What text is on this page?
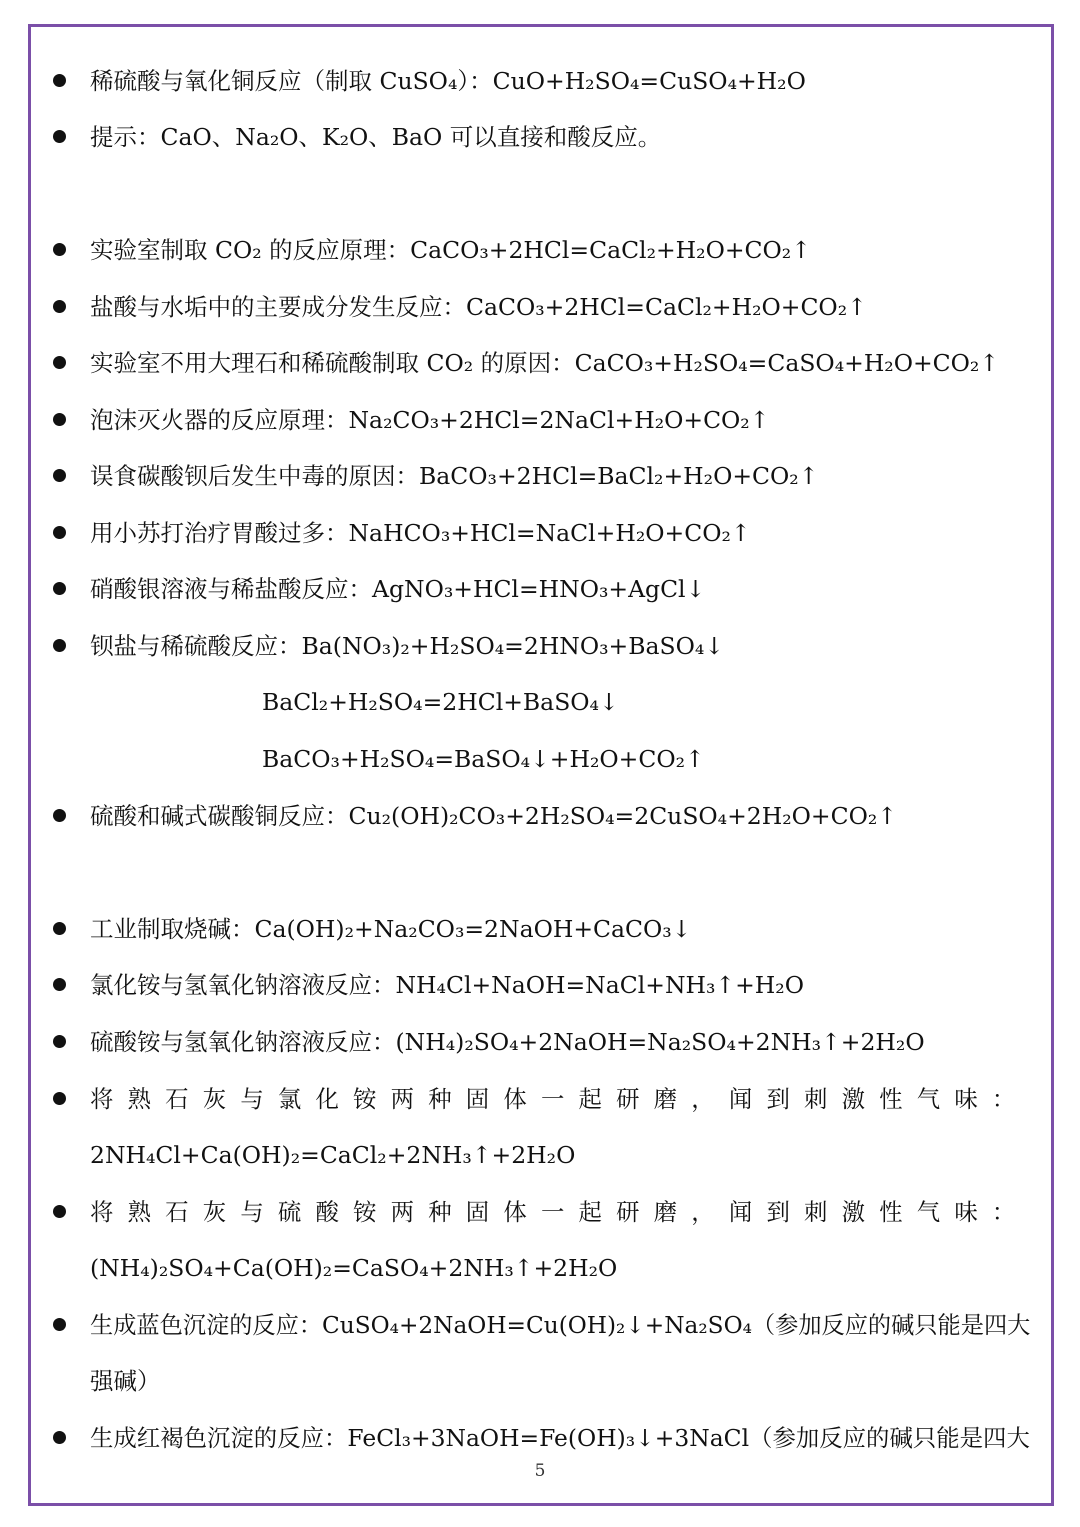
稀硫酸与氧化铜反应（制取 CuSO₄）：CuO+H₂SO₄=CuSO₄+H₂O
提示：CaO、Na₂O、K₂O、BaO 可以直接和酸反应。
实验室制取 CO₂ 的反应原理：CaCO₃+2HCl=CaCl₂+H₂O+CO₂↑
盐酸与水垢中的主要成分发生反应：CaCO₃+2HCl=CaCl₂+H₂O+CO₂↑
实验室不用大理石和稀硫酸制取 CO₂ 的原因：CaCO₃+H₂SO₄=CaSO₄+H₂O+CO₂↑
泡沫灭火器的反应原理：Na₂CO₃+2HCl=2NaCl+H₂O+CO₂↑
误食碳酸钡后发生中毒的原因：BaCO₃+2HCl=BaCl₂+H₂O+CO₂↑
用小苏打治疗胃酸过多：NaHCO₃+HCl=NaCl+H₂O+CO₂↑
硝酸银溶液与稀盐酸反应：AgNO₃+HCl=HNO₃+AgCl↓
钡盐与稀硫酸反应：Ba(NO₃)₂+H₂SO₄=2HNO₃+BaSO₄↓
BaCl₂+H₂SO₄=2HCl+BaSO₄↓
BaCO₃+H₂SO₄=BaSO₄↓+H₂O+CO₂↑
硫酸和碱式碳酸铜反应：Cu₂(OH)₂CO₃+2H₂SO₄=2CuSO₄+2H₂O+CO₂↑
工业制取烧碱：Ca(OH)₂+Na₂CO₃=2NaOH+CaCO₃↓
氯化铵与氢氧化钠溶液反应：NH₄Cl+NaOH=NaCl+NH₃↑+H₂O
硫酸铵与氢氧化钠溶液反应：(NH₄)₂SO₄+2NaOH=Na₂SO₄+2NH₃↑+2H₂O
将熟石灰与氯化铵两种固体一起研磨，闻到刺激性气味：
2NH₄Cl+Ca(OH)₂=CaCl₂+2NH₃↑+2H₂O
将熟石灰与硫酸铵两种固体一起研磨，闻到刺激性气味：
(NH₄)₂SO₄+Ca(OH)₂=CaSO₄+2NH₃↑+2H₂O
生成蓝色沉淀的反应：CuSO₄+2NaOH=Cu(OH)₂↓+Na₂SO₄（参加反应的碱只能是四大
强碱）
生成红褐色沉淀的反应：FeCl₃+3NaOH=Fe(OH)₃↓+3NaCl（参加反应的碱只能是四大
5
